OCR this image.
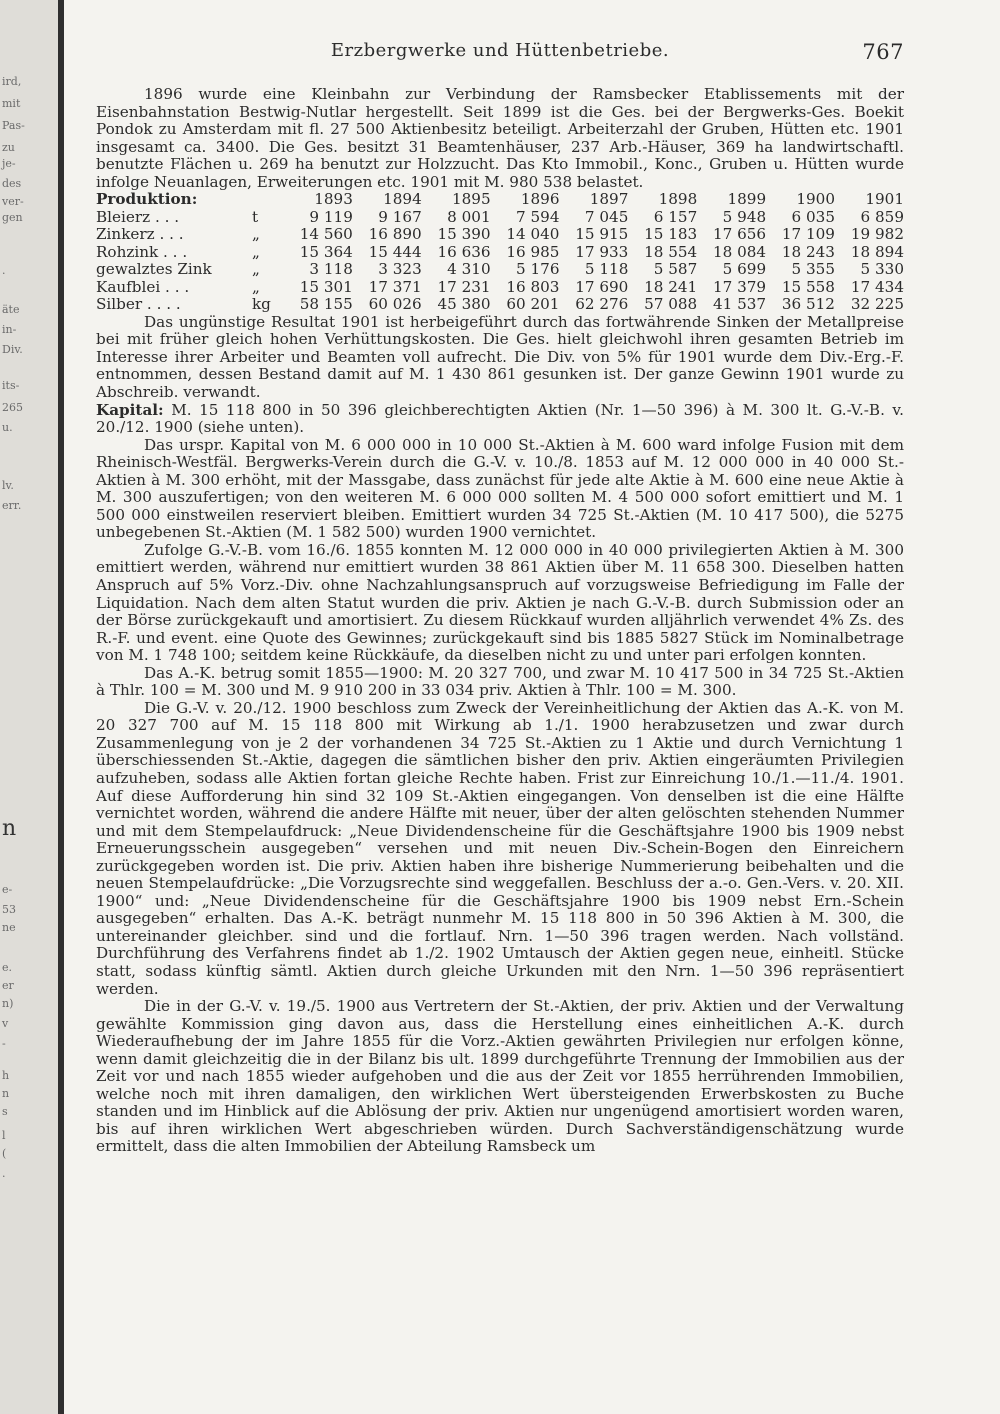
ird,
mit
Pas-
zu
je-
des
ver-
gen
·
äte
in-
Div.
its-
265
u.
lv.
err.
n
e-
53
ne
e.
er
n)
v
-
h
n
s
l
(
.
Erzbergwerke und Hüttenbetriebe.	767

1896 wurde eine Kleinbahn zur Verbindung der Ramsbecker Etablissements mit der Eisenbahnstation Bestwig-Nutlar hergestellt. Seit 1899 ist die Ges. bei der Bergwerks-Ges. Boekit Pondok zu Amsterdam mit fl. 27 500 Aktienbesitz beteiligt. Arbeiterzahl der Gruben, Hütten etc. 1901 insgesamt ca. 3400. Die Ges. besitzt 31 Beamtenhäuser, 237 Arb.-Häuser, 369 ha landwirtschaftl. benutzte Flächen u. 269 ha benutzt zur Holzzucht. Das Kto Immobil., Konc., Gruben u. Hütten wurde infolge Neuanlagen, Erweiterungen etc. 1901 mit M. 980 538 belastet.

Produktion:		1893	1894	1895	1896	1897	1898	1899	1900	1901
Bleierz . . .	t	9 119	9 167	8 001	7 594	7 045	6 157	5 948	6 035	6 859
Zinkerz . . .	„	14 560	16 890	15 390	14 040	15 915	15 183	17 656	17 109	19 982
Rohzink . . .	„	15 364	15 444	16 636	16 985	17 933	18 554	18 084	18 243	18 894
gewalztes Zink	„	3 118	3 323	4 310	5 176	5 118	5 587	5 699	5 355	5 330
Kaufblei . . .	„	15 301	17 371	17 231	16 803	17 690	18 241	17 379	15 558	17 434
Silber . . . .	kg	58 155	60 026	45 380	60 201	62 276	57 088	41 537	36 512	32 225

Das ungünstige Resultat 1901 ist herbeigeführt durch das fortwährende Sinken der Metallpreise bei mit früher gleich hohen Verhüttungskosten. Die Ges. hielt gleichwohl ihren gesamten Betrieb im Interesse ihrer Arbeiter und Beamten voll aufrecht. Die Div. von 5% für 1901 wurde dem Div.-Erg.-F. entnommen, dessen Bestand damit auf M. 1 430 861 gesunken ist. Der ganze Gewinn 1901 wurde zu Abschreib. verwandt.

Kapital: M. 15 118 800 in 50 396 gleichberechtigten Aktien (Nr. 1—50 396) à M. 300 lt. G.-V.-B. v. 20./12. 1900 (siehe unten).

Das urspr. Kapital von M. 6 000 000 in 10 000 St.-Aktien à M. 600 ward infolge Fusion mit dem Rheinisch-Westfäl. Bergwerks-Verein durch die G.-V. v. 10./8. 1853 auf M. 12 000 000 in 40 000 St.-Aktien à M. 300 erhöht, mit der Massgabe, dass zunächst für jede alte Aktie à M. 600 eine neue Aktie à M. 300 auszufertigen; von den weiteren M. 6 000 000 sollten M. 4 500 000 sofort emittiert und M. 1 500 000 einstweilen reserviert bleiben. Emittiert wurden 34 725 St.-Aktien (M. 10 417 500), die 5275 unbegebenen St.-Aktien (M. 1 582 500) wurden 1900 vernichtet.

Zufolge G.-V.-B. vom 16./6. 1855 konnten M. 12 000 000 in 40 000 privilegierten Aktien à M. 300 emittiert werden, während nur emittiert wurden 38 861 Aktien über M. 11 658 300. Dieselben hatten Anspruch auf 5% Vorz.-Div. ohne Nachzahlungsanspruch auf vorzugsweise Befriedigung im Falle der Liquidation. Nach dem alten Statut wurden die priv. Aktien je nach G.-V.-B. durch Submission oder an der Börse zurückgekauft und amortisiert. Zu diesem Rückkauf wurden alljährlich verwendet 4% Zs. des R.-F. und event. eine Quote des Gewinnes; zurückgekauft sind bis 1885 5827 Stück im Nominalbetrage von M. 1 748 100; seitdem keine Rückkäufe, da dieselben nicht zu und unter pari erfolgen konnten.

Das A.-K. betrug somit 1855—1900: M. 20 327 700, und zwar M. 10 417 500 in 34 725 St.-Aktien à Thlr. 100 = M. 300 und M. 9 910 200 in 33 034 priv. Aktien à Thlr. 100 = M. 300.

Die G.-V. v. 20./12. 1900 beschloss zum Zweck der Vereinheitlichung der Aktien das A.-K. von M. 20 327 700 auf M. 15 118 800 mit Wirkung ab 1./1. 1900 herabzusetzen und zwar durch Zusammenlegung von je 2 der vorhandenen 34 725 St.-Aktien zu 1 Aktie und durch Vernichtung 1 überschiessenden St.-Aktie, dagegen die sämtlichen bisher den priv. Aktien eingeräumten Privilegien aufzuheben, sodass alle Aktien fortan gleiche Rechte haben. Frist zur Einreichung 10./1.—11./4. 1901. Auf diese Aufforderung hin sind 32 109 St.-Aktien eingegangen. Von denselben ist die eine Hälfte vernichtet worden, während die andere Hälfte mit neuer, über der alten gelöschten stehenden Nummer und mit dem Stempelaufdruck: „Neue Dividendenscheine für die Geschäftsjahre 1900 bis 1909 nebst Erneuerungsschein ausgegeben“ versehen und mit neuen Div.-Schein-Bogen den Einreichern zurückgegeben worden ist. Die priv. Aktien haben ihre bisherige Nummerierung beibehalten und die neuen Stempelaufdrücke: „Die Vorzugsrechte sind weggefallen. Beschluss der a.-o. Gen.-Vers. v. 20. XII. 1900“ und: „Neue Dividendenscheine für die Geschäftsjahre 1900 bis 1909 nebst Ern.-Schein ausgegeben“ erhalten. Das A.-K. beträgt nunmehr M. 15 118 800 in 50 396 Aktien à M. 300, die untereinander gleichber. sind und die fortlauf. Nrn. 1—50 396 tragen werden. Nach vollständ. Durchführung des Verfahrens findet ab 1./2. 1902 Umtausch der Aktien gegen neue, einheitl. Stücke statt, sodass künftig sämtl. Aktien durch gleiche Urkunden mit den Nrn. 1—50 396 repräsentiert werden.

Die in der G.-V. v. 19./5. 1900 aus Vertretern der St.-Aktien, der priv. Aktien und der Verwaltung gewählte Kommission ging davon aus, dass die Herstellung eines einheitlichen A.-K. durch Wiederaufhebung der im Jahre 1855 für die Vorz.-Aktien gewährten Privilegien nur erfolgen könne, wenn damit gleichzeitig die in der Bilanz bis ult. 1899 durchgeführte Trennung der Immobilien aus der Zeit vor und nach 1855 wieder aufgehoben und die aus der Zeit vor 1855 herrührenden Immobilien, welche noch mit ihren damaligen, den wirklichen Wert übersteigenden Erwerbskosten zu Buche standen und im Hinblick auf die Ablösung der priv. Aktien nur ungenügend amortisiert worden waren, bis auf ihren wirklichen Wert abgeschrieben würden. Durch Sachverständigenschätzung wurde ermittelt, dass die alten Immobilien der Abteilung Ramsbeck um
